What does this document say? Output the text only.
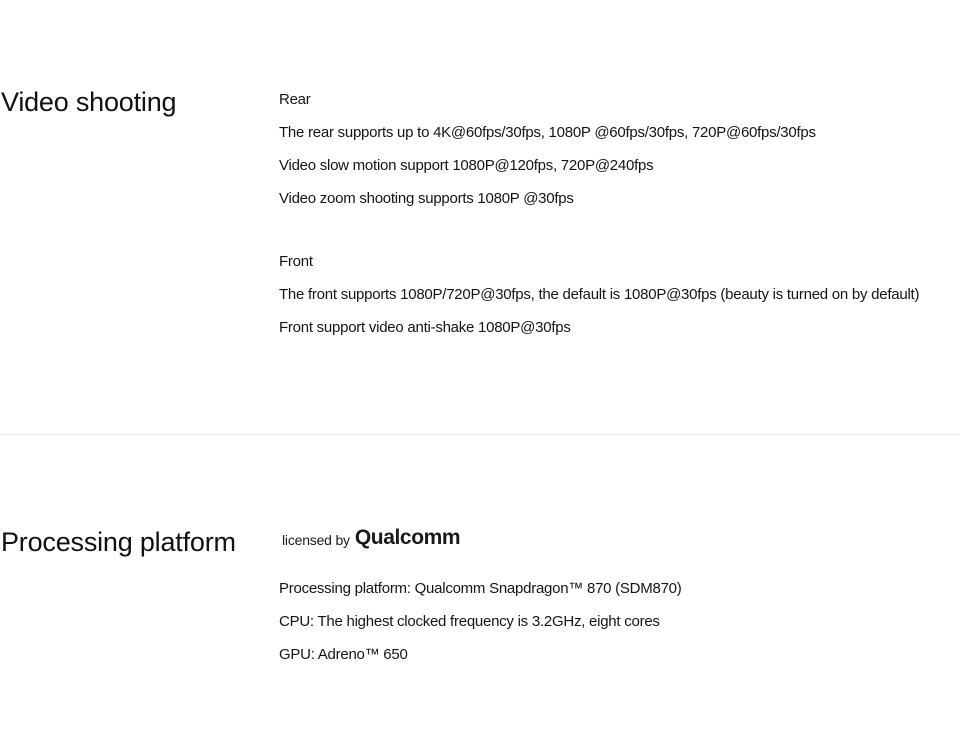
Video shooting	Rear

The rear supports up to 4K@60fps/30fps, 1080P @60fps/30fps, 720P@60fps/30fps

Video slow motion support 1080P@120fps, 720P@240fps

Video zoom shooting supports 1080P @30fps

Front

The front supports 1080P/720P@30fps, the default is 1080P@30fps (beauty is turned on by default)

Front support video anti-shake 1080P@30fps

Processing platform	licensed by Qualcomm

Processing platform: Qualcomm Snapdragon™ 870 (SDM870)

CPU: The highest clocked frequency is 3.2GHz, eight cores

GPU: Adreno™ 650
